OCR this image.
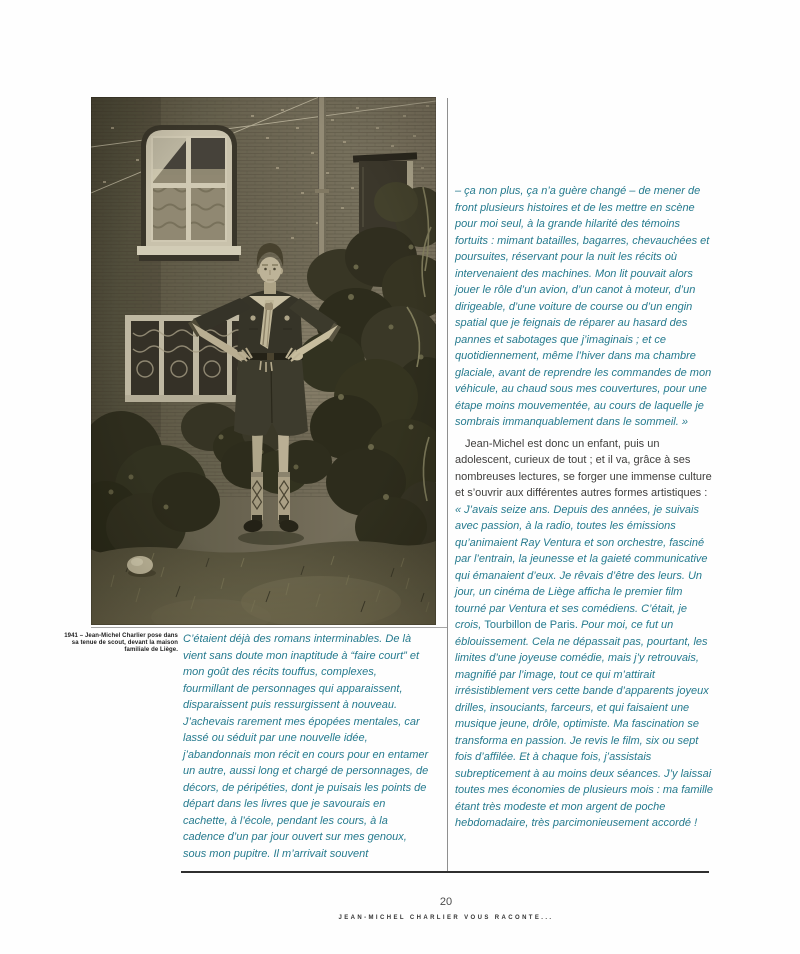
1941 – Jean-Michel Charlier pose dans sa tenue de scout, devant la maison familiale de Liège.

C’étaient déjà des romans interminables. De là vient sans doute mon inaptitude à “faire court” et mon goût des récits touffus, complexes, fourmillant de personnages qui apparaissent, disparaissent puis ressurgissent à nouveau. J’achevais rarement mes épopées mentales, car lassé ou séduit par une nouvelle idée, j’abandonnais mon récit en cours pour en entamer un autre, aussi long et chargé de personnages, de décors, de péripéties, dont je puisais les points de départ dans les livres que je savourais en cachette, à l’école, pendant les cours, à la cadence d’un par jour ouvert sur mes genoux, sous mon pupitre. Il m’arrivait souvent

– ça non plus, ça n’a guère changé – de mener de front plusieurs histoires et de les mettre en scène pour moi seul, à la grande hilarité des témoins fortuits : mimant batailles, bagarres, chevauchées et poursuites, réservant pour la nuit les récits où intervenaient des machines. Mon lit pouvait alors jouer le rôle d’un avion, d’un canot à moteur, d’un dirigeable, d’une voiture de course ou d’un engin spatial que je feignais de réparer au hasard des pannes et sabotages que j’imaginais ; et ce quotidiennement, même l’hiver dans ma chambre glaciale, avant de reprendre les commandes de mon véhicule, au chaud sous mes couvertures, pour une étape moins mouvementée, au cours de laquelle je sombrais immanquablement dans le sommeil. »

Jean-Michel est donc un enfant, puis un adolescent, curieux de tout ; et il va, grâce à ses nombreuses lectures, se forger une immense culture et s’ouvrir aux différentes autres formes artistiques : « J’avais seize ans. Depuis des années, je suivais avec passion, à la radio, toutes les émissions qu’animaient Ray Ventura et son orchestre, fasciné par l’entrain, la jeunesse et la gaieté communicative qui émanaient d’eux. Je rêvais d’être des leurs. Un jour, un cinéma de Liège afficha le premier film tourné par Ventura et ses comédiens. C’était, je crois, Tourbillon de Paris. Pour moi, ce fut un éblouissement. Cela ne dépassait pas, pourtant, les limites d’une joyeuse comédie, mais j’y retrouvais, magnifié par l’image, tout ce qui m’attirait irrésistiblement vers cette bande d’apparents joyeux drilles, insouciants, farceurs, et qui faisaient une musique jeune, drôle, optimiste. Ma fascination se transforma en passion. Je revis le film, six ou sept fois d’affilée. Et à chaque fois, j’assistais subrepticement à au moins deux séances. J’y laissai toutes mes économies de plusieurs mois : ma famille étant très modeste et mon argent de poche hebdomadaire, très parcimonieusement accordé !

20
JEAN-MICHEL CHARLIER VOUS RACONTE...
